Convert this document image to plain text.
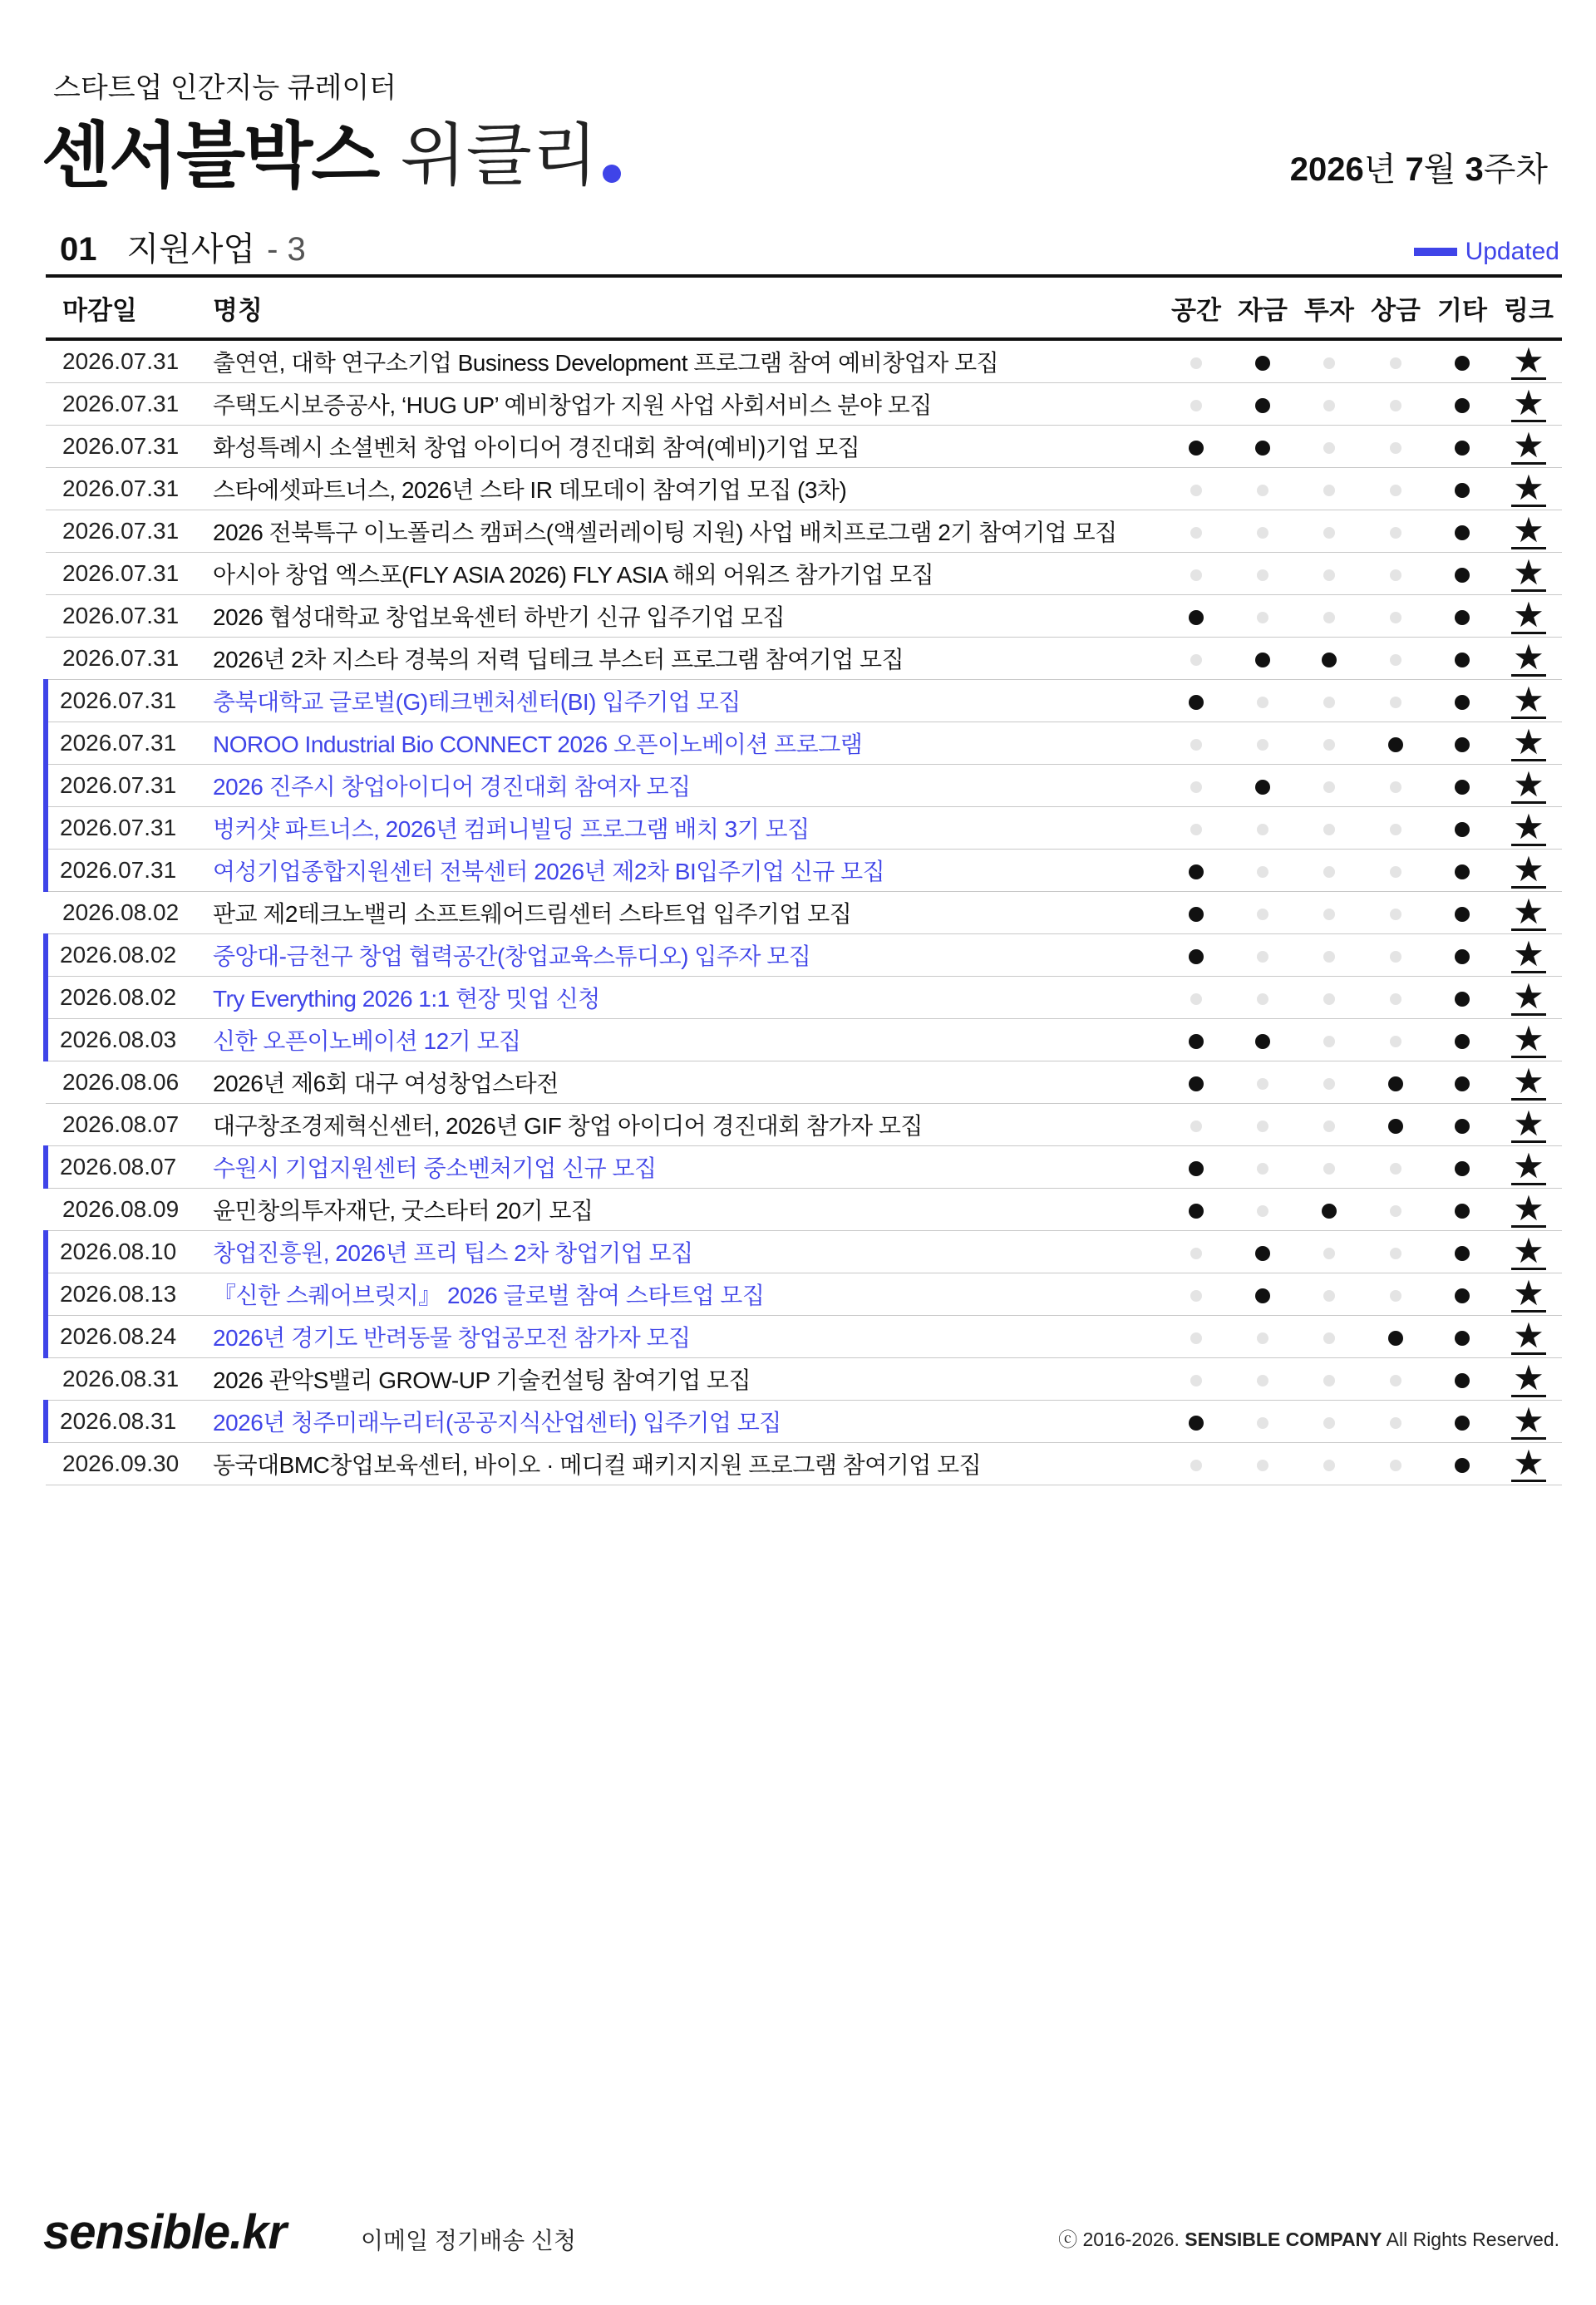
스타트업 인간지능 큐레이터
센서블박스 위클리	2026년 7월 3주차
01 지원사업 - 3	Updated
마감일	명칭	공간	자금	투자	상금	기타	링크
2026.07.31	출연연, 대학 연구소기업 Business Development 프로그램 참여 예비창업자 모집						★
2026.07.31	주택도시보증공사, ‘HUG UP’ 예비창업가 지원 사업 사회서비스 분야 모집						★
2026.07.31	화성특례시 소셜벤처 창업 아이디어 경진대회 참여(예비)기업 모집						★
2026.07.31	스타에셋파트너스, 2026년 스타 IR 데모데이 참여기업 모집 (3차)						★
2026.07.31	2026 전북특구 이노폴리스 캠퍼스(액셀러레이팅 지원) 사업 배치프로그램 2기 참여기업 모집						★
2026.07.31	아시아 창업 엑스포(FLY ASIA 2026) FLY ASIA 해외 어워즈 참가기업 모집						★
2026.07.31	2026 협성대학교 창업보육센터 하반기 신규 입주기업 모집						★
2026.07.31	2026년 2차 지스타 경북의 저력 딥테크 부스터 프로그램 참여기업 모집						★
2026.07.31	충북대학교 글로벌(G)테크벤처센터(BI) 입주기업 모집						★
2026.07.31	NOROO Industrial Bio CONNECT 2026 오픈이노베이션 프로그램						★
2026.07.31	2026 진주시 창업아이디어 경진대회 참여자 모집						★
2026.07.31	벙커샷 파트너스, 2026년 컴퍼니빌딩 프로그램 배치 3기 모집						★
2026.07.31	여성기업종합지원센터 전북센터 2026년 제2차 BI입주기업 신규 모집						★
2026.08.02	판교 제2테크노밸리 소프트웨어드림센터 스타트업 입주기업 모집						★
2026.08.02	중앙대-금천구 창업 협력공간(창업교육스튜디오) 입주자 모집						★
2026.08.02	Try Everything 2026 1:1 현장 밋업 신청						★
2026.08.03	신한 오픈이노베이션 12기 모집						★
2026.08.06	2026년 제6회 대구 여성창업스타전						★
2026.08.07	대구창조경제혁신센터, 2026년 GIF 창업 아이디어 경진대회 참가자 모집						★
2026.08.07	수원시 기업지원센터 중소벤처기업 신규 모집						★
2026.08.09	윤민창의투자재단, 굿스타터 20기 모집						★
2026.08.10	창업진흥원, 2026년 프리 팁스 2차 창업기업 모집						★
2026.08.13	『신한 스퀘어브릿지』 2026 글로벌 참여 스타트업 모집						★
2026.08.24	2026년 경기도 반려동물 창업공모전 참가자 모집						★
2026.08.31	2026 관악S밸리 GROW-UP 기술컨설팅 참여기업 모집						★
2026.08.31	2026년 청주미래누리터(공공지식산업센터) 입주기업 모집						★
2026.09.30	동국대BMC창업보육센터, 바이오 · 메디컬 패키지지원 프로그램 참여기업 모집						★
sensible.kr	이메일 정기배송 신청	ⓒ 2016-2026. SENSIBLE COMPANY All Rights Reserved.
